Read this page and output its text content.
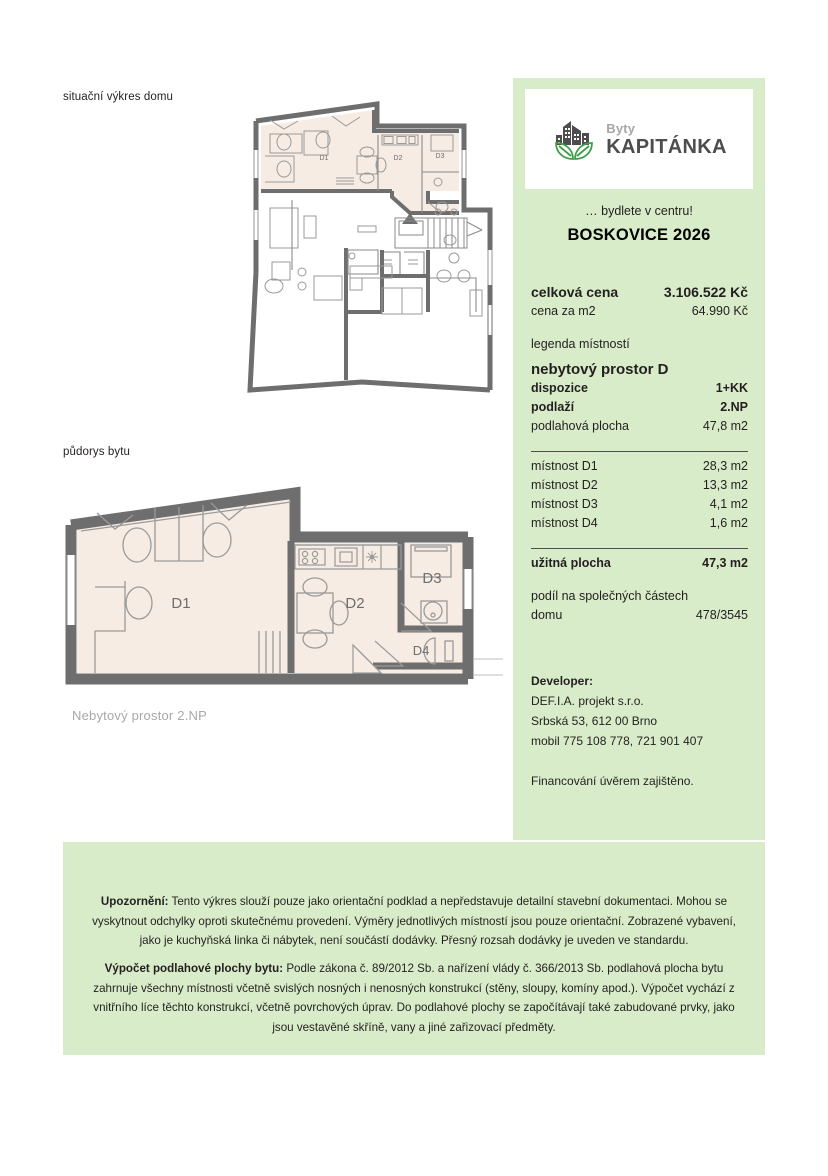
situační výkres domu
D1	D2	D3
půdorys bytu
D1	D2
D3
D4
Nebytový prostor 2.NP
Byty
KAPITÁNKA
… bydlete v centru!
BOSKOVICE 2026
celková cena	3.106.522 Kč
cena za m2	64.990 Kč
legenda místností
nebytový prostor D
dispozice	1+KK
podlaží	2.NP
podlahová plocha	47,8 m2
místnost D1	28,3 m2
místnost D2	13,3 m2
místnost D3	4,1 m2
místnost D4	1,6 m2
užitná plocha	47,3 m2
podíl na společných částech
domu	478/3545
Developer:
DEF.I.A. projekt s.r.o.
Srbská 53, 612 00 Brno
mobil 775 108 778, 721 901 407
Financování úvěrem zajištěno.
Upozornění: Tento výkres slouží pouze jako orientační podklad a nepředstavuje detailní stavební dokumentaci. Mohou se vyskytnout odchylky oproti skutečnému provedení. Výměry jednotlivých místností jsou pouze orientační. Zobrazené vybavení, jako je kuchyňská linka či nábytek, není součástí dodávky. Přesný rozsah dodávky je uveden ve standardu.
Výpočet podlahové plochy bytu: Podle zákona č. 89/2012 Sb. a nařízení vlády č. 366/2013 Sb. podlahová plocha bytu zahrnuje všechny místnosti včetně svislých nosných i nenosných konstrukcí (stěny, sloupy, komíny apod.). Výpočet vychází z vnitřního líce těchto konstrukcí, včetně povrchových úprav. Do podlahové plochy se započítávají také zabudované prvky, jako jsou vestavěné skříně, vany a jiné zařizovací předměty.
